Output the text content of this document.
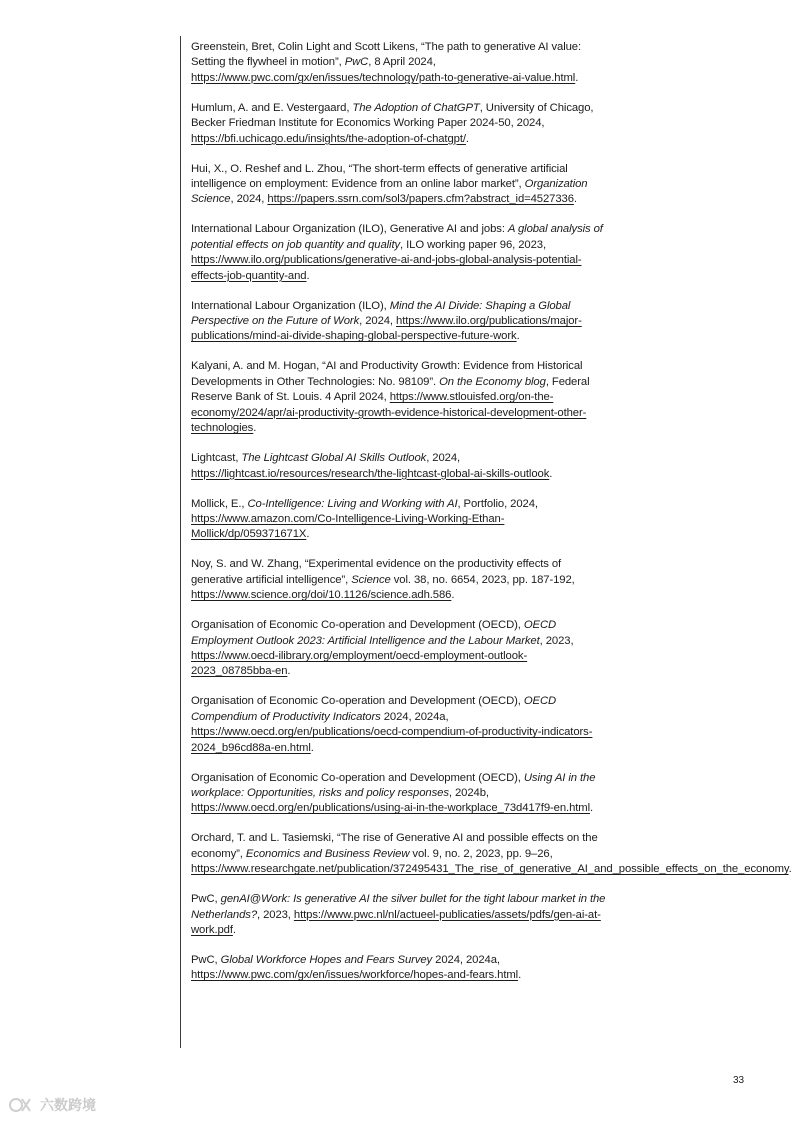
Greenstein, Bret, Colin Light and Scott Likens, “The path to generative AI value: Setting the flywheel in motion”, PwC, 8 April 2024, https://www.pwc.com/gx/en/issues/technology/path-to-generative-ai-value.html.

Humlum, A. and E. Vestergaard, The Adoption of ChatGPT, University of Chicago, Becker Friedman Institute for Economics Working Paper 2024-50, 2024, https://bfi.uchicago.edu/insights/the-adoption-of-chatgpt/.

Hui, X., O. Reshef and L. Zhou, “The short-term effects of generative artificial intelligence on employment: Evidence from an online labor market”, Organization Science, 2024, https://papers.ssrn.com/sol3/papers.cfm?abstract_id=4527336.

International Labour Organization (ILO), Generative AI and jobs: A global analysis of potential effects on job quantity and quality, ILO working paper 96, 2023, https://www.ilo.org/publications/generative-ai-and-jobs-global-analysis-potential-effects-job-quantity-and.

International Labour Organization (ILO), Mind the AI Divide: Shaping a Global Perspective on the Future of Work, 2024, https://www.ilo.org/publications/major-publications/mind-ai-divide-shaping-global-perspective-future-work.

Kalyani, A. and M. Hogan, “AI and Productivity Growth: Evidence from Historical Developments in Other Technologies: No. 98109”. On the Economy blog, Federal Reserve Bank of St. Louis. 4 April 2024, https://www.stlouisfed.org/on-the-economy/2024/apr/ai-productivity-growth-evidence-historical-development-other-technologies.

Lightcast, The Lightcast Global AI Skills Outlook, 2024, https://lightcast.io/resources/research/the-lightcast-global-ai-skills-outlook.

Mollick, E., Co-Intelligence: Living and Working with AI, Portfolio, 2024, https://www.amazon.com/Co-Intelligence-Living-Working-Ethan-Mollick/dp/059371671X.

Noy, S. and W. Zhang, “Experimental evidence on the productivity effects of generative artificial intelligence”, Science vol. 38, no. 6654, 2023, pp. 187-192, https://www.science.org/doi/10.1126/science.adh.586.

Organisation of Economic Co-operation and Development (OECD), OECD Employment Outlook 2023: Artificial Intelligence and the Labour Market, 2023, https://www.oecd-ilibrary.org/employment/oecd-employment-outlook-2023_08785bba-en.

Organisation of Economic Co-operation and Development (OECD), OECD Compendium of Productivity Indicators 2024, 2024a, https://www.oecd.org/en/publications/oecd-compendium-of-productivity-indicators-2024_b96cd88a-en.html.

Organisation of Economic Co-operation and Development (OECD), Using AI in the workplace: Opportunities, risks and policy responses, 2024b, https://www.oecd.org/en/publications/using-ai-in-the-workplace_73d417f9-en.html.

Orchard, T. and L. Tasiemski, “The rise of Generative AI and possible effects on the economy”, Economics and Business Review vol. 9, no. 2, 2023, pp. 9–26, https://www.researchgate.net/publication/372495431_The_rise_of_generative_AI_and_possible_effects_on_the_economy.

PwC, genAI@Work: Is generative AI the silver bullet for the tight labour market in the Netherlands?, 2023, https://www.pwc.nl/nl/actueel-publicaties/assets/pdfs/gen-ai-at-work.pdf.

PwC, Global Workforce Hopes and Fears Survey 2024, 2024a, https://www.pwc.com/gx/en/issues/workforce/hopes-and-fears.html.

33
六数跨境
